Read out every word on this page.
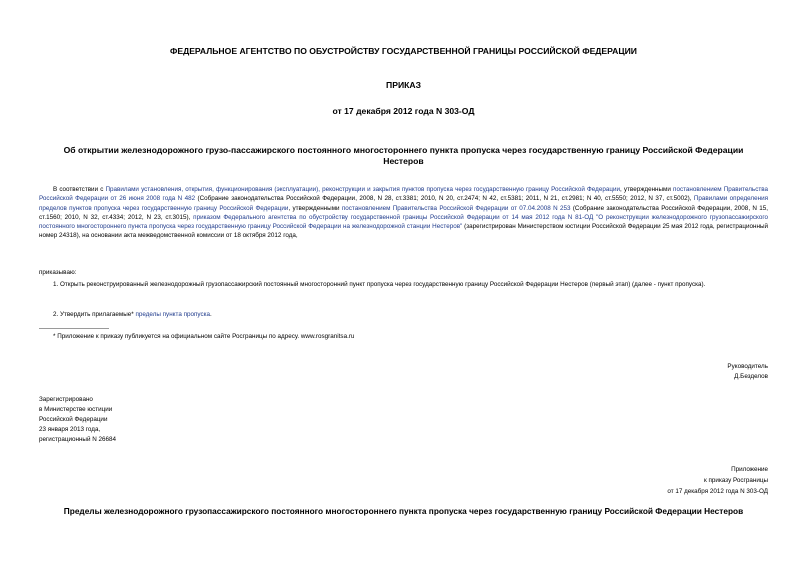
ФЕДЕРАЛЬНОЕ АГЕНТСТВО ПО ОБУСТРОЙСТВУ ГОСУДАРСТВЕННОЙ ГРАНИЦЫ РОССИЙСКОЙ ФЕДЕРАЦИИ
ПРИКАЗ
от 17 декабря 2012 года N 303-ОД
Об открытии железнодорожного грузо-пассажирского постоянного многостороннего пункта пропуска через государственную границу Российской Федерации
Нестеров
В соответствии с Правилами установления, открытия, функционирования (эксплуатации), реконструкции и закрытия пунктов пропуска через государственную границу Российской Федерации, утвержденными постановлением Правительства Российской Федерации от 26 июня 2008 года N 482 (Собрание законодательства Российской Федерации, 2008, N 28, ст.3381; 2010, N 20, ст.2474; N 42, ст.5381; 2011, N 21, ст.2981; N 40, ст.5550; 2012, N 37, ст.5002), Правилами определения пределов пунктов пропуска через государственную границу Российской Федерации, утвержденными постановлением Правительства Российской Федерации от 07.04.2008 N 253 (Собрание законодательства Российской Федерации, 2008, N 15, ст.1560; 2010, N 32, ст.4334; 2012, N 23, ст.3015), приказом Федерального агентства по обустройству государственной границы Российской Федерации от 14 мая 2012 года N 81-ОД "О реконструкции железнодорожного грузопассажирского постоянного многостороннего пункта пропуска через государственную границу Российской Федерации на железнодорожной станции Нестеров" (зарегистрирован Министерством юстиции Российской Федерации 25 мая 2012 года, регистрационный номер 24318), на основании акта межведомственной комиссии от 18 октября 2012 года,
приказываю:
1. Открыть реконструированный железнодорожный грузопассажирский постоянный многосторонний пункт пропуска через государственную границу Российской Федерации Нестеров (первый этап) (далее - пункт пропуска).
2. Утвердить прилагаемые* пределы пункта пропуска.
* Приложение к приказу публикуется на официальном сайте Росграницы по адресу. www.rosgranitsa.ru
Руководитель
Д.Безделов
Зарегистрировано
в Министерстве юстиции
Российской Федерации
23 января 2013 года,
регистрационный N 26684
Приложение
к приказу Росграницы
от 17 декабря 2012 года N 303-ОД
Пределы железнодорожного грузопассажирского постоянного многостороннего пункта пропуска через государственную границу Российской Федерации Нестеров
